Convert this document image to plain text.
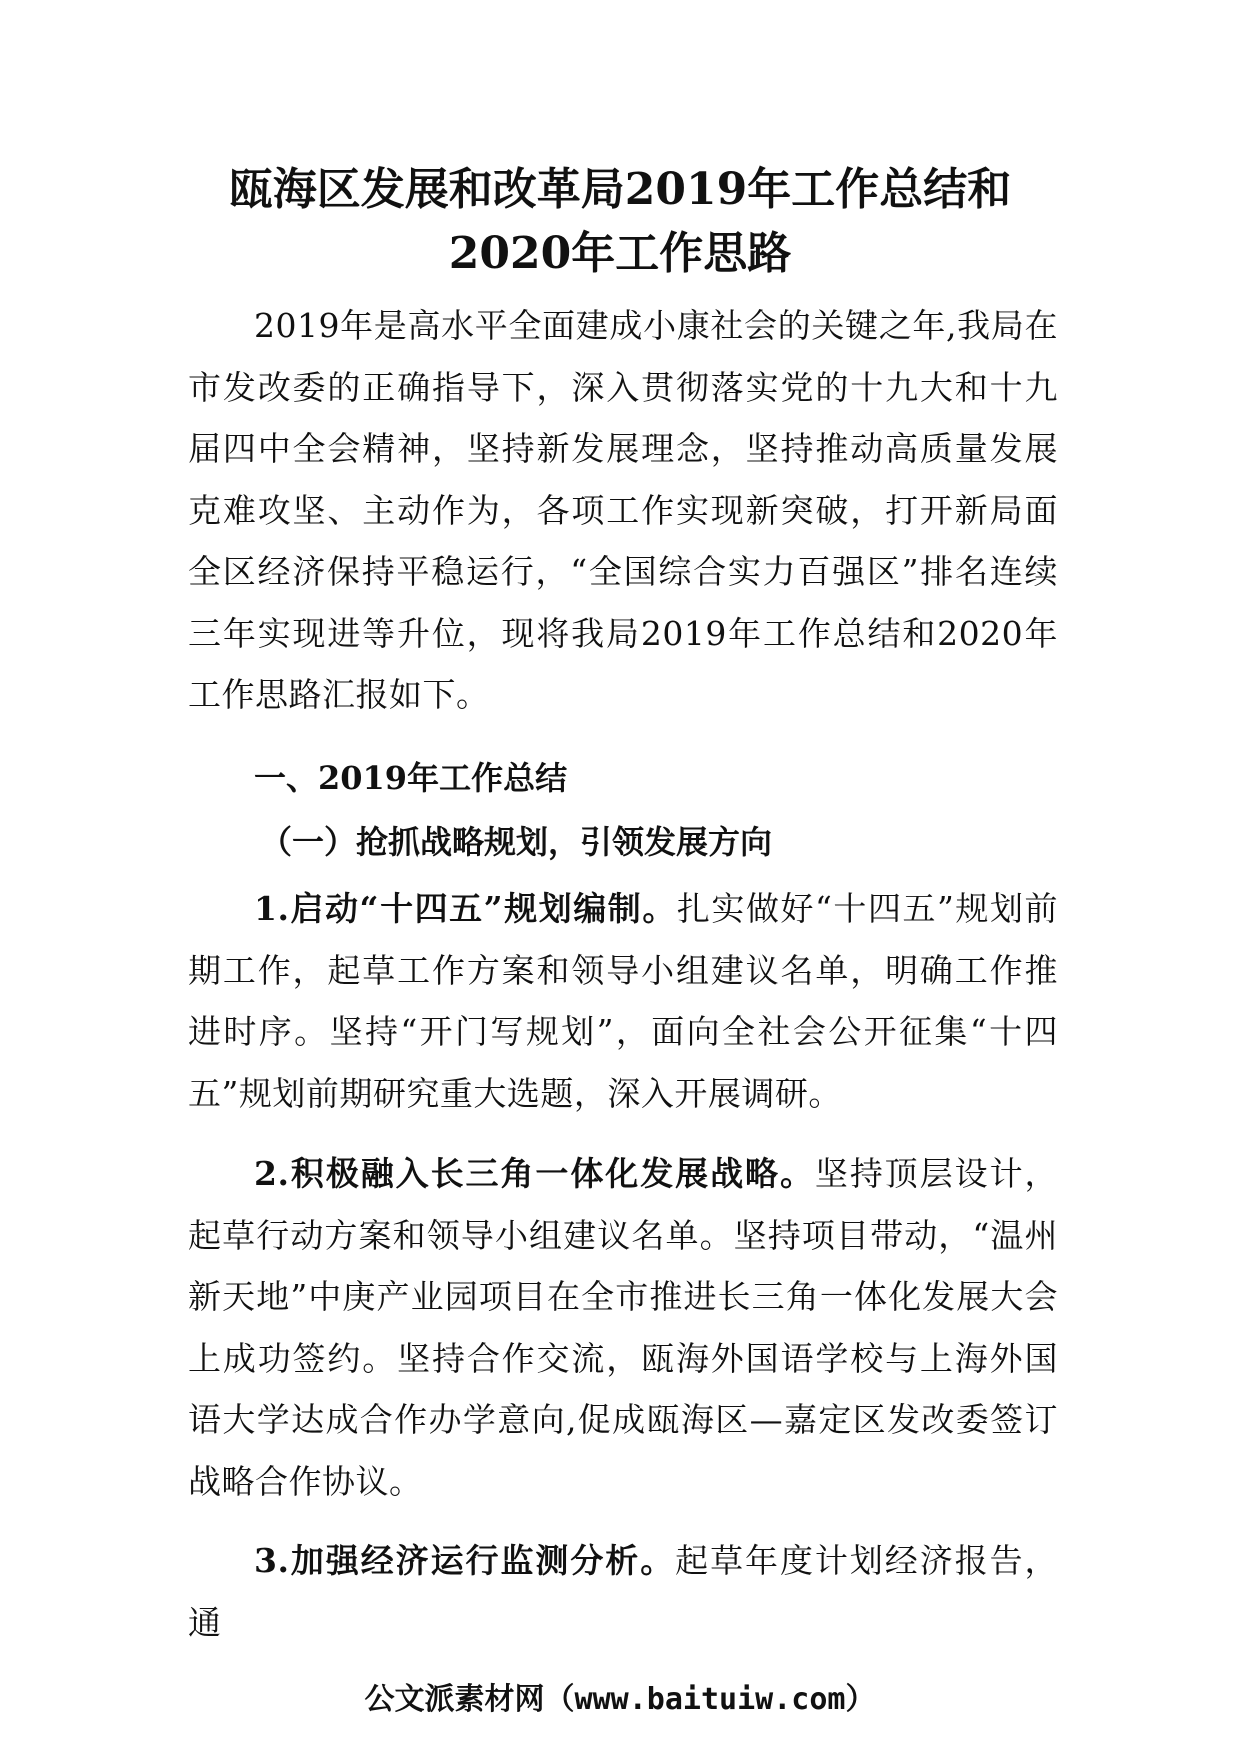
瓯海区发展和改革局2019年工作总结和
2020年工作思路
2019年是高水平全面建成小康社会的关键之年,我局在市发改委的正确指导下，深入贯彻落实党的十九大和十九届四中全会精神，坚持新发展理念，坚持推动高质量发展克难攻坚、主动作为，各项工作实现新突破，打开新局面全区经济保持平稳运行，“全国综合实力百强区”排名连续三年实现进等升位，现将我局2019年工作总结和2020年工作思路汇报如下。
一、2019年工作总结
（一）抢抓战略规划，引领发展方向
1.启动“十四五”规划编制。扎实做好“十四五”规划前期工作，起草工作方案和领导小组建议名单，明确工作推进时序。坚持“开门写规划”，面向全社会公开征集“十四五”规划前期研究重大选题，深入开展调研。
2.积极融入长三角一体化发展战略。坚持顶层设计，起草行动方案和领导小组建议名单。坚持项目带动，“温州新天地”中庚产业园项目在全市推进长三角一体化发展大会上成功签约。坚持合作交流，瓯海外国语学校与上海外国语大学达成合作办学意向,促成瓯海区—嘉定区发改委签订战略合作协议。
3.加强经济运行监测分析。起草年度计划经济报告，通
公文派素材网（www.baituiw.com）
